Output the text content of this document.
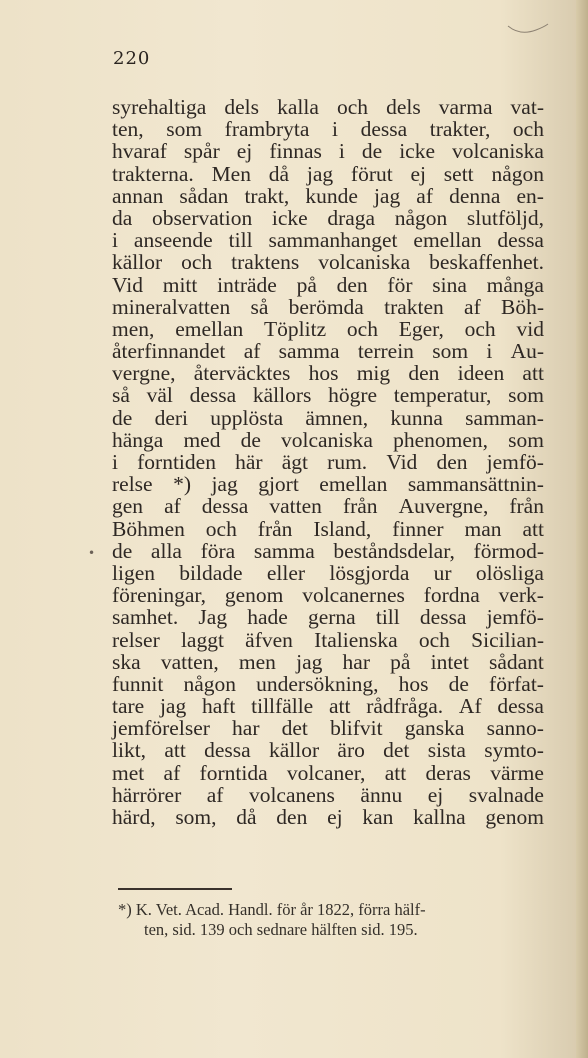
220
syrehaltiga dels kalla och dels varma vat-
ten, som frambryta i dessa trakter, och
hvaraf spår ej finnas i de icke volcaniska
trakterna. Men då jag förut ej sett någon
annan sådan trakt, kunde jag af denna en-
da observation icke draga någon slutföljd,
i anseende till sammanhanget emellan dessa
källor och traktens volcaniska beskaffenhet.
Vid mitt inträde på den för sina många
mineralvatten så berömda trakten af Böh-
men, emellan Töplitz och Eger, och vid
återfinnandet af samma terrein som i Au-
vergne, återväcktes hos mig den ideen att
så väl dessa källors högre temperatur, som
de deri upplösta ämnen, kunna samman-
hänga med de volcaniska phenomen, som
i forntiden här ägt rum. Vid den jemfö-
relse *) jag gjort emellan sammansättnin-
gen af dessa vatten från Auvergne, från
Böhmen och från Island, finner man att
de alla föra samma beståndsdelar, förmod-
ligen bildade eller lösgjorda ur olösliga
föreningar, genom volcanernes fordna verk-
samhet. Jag hade gerna till dessa jemfö-
relser laggt äfven Italienska och Sicilian-
ska vatten, men jag har på intet sådant
funnit någon undersökning, hos de förfat-
tare jag haft tillfälle att rådfråga. Af dessa
jemförelser har det blifvit ganska sanno-
likt, att dessa källor äro det sista symto-
met af forntida volcaner, att deras värme
härrörer af volcanens ännu ej svalnade
härd, som, då den ej kan kallna genom
•
*) K. Vet. Acad. Handl. för år 1822, förra hälf-
ten, sid. 139 och sednare hälften sid. 195.
